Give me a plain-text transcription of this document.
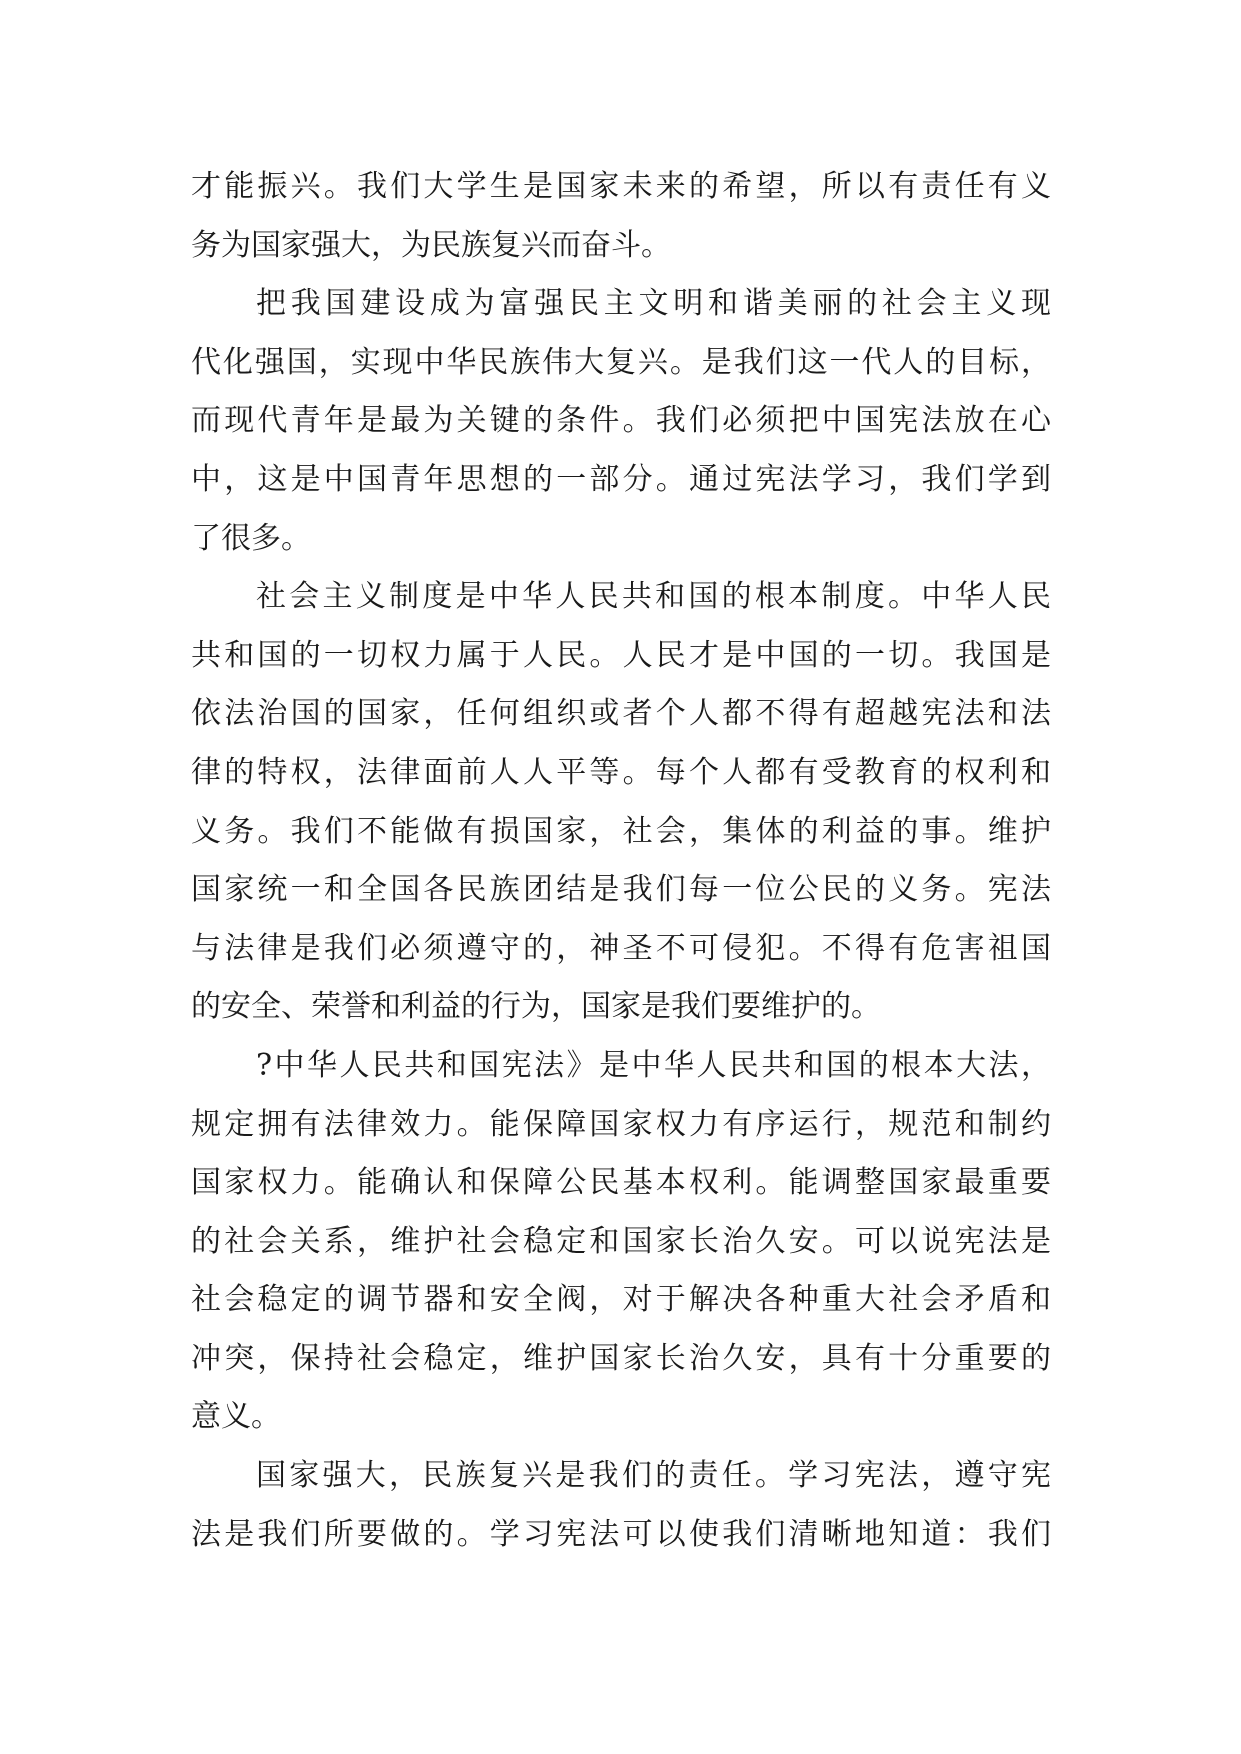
才能振兴。我们大学生是国家未来的希望，所以有责任有义
务为国家强大，为民族复兴而奋斗。
把我国建设成为富强民主文明和谐美丽的社会主义现
代化强国，实现中华民族伟大复兴。是我们这一代人的目标，
而现代青年是最为关键的条件。我们必须把中国宪法放在心
中，这是中国青年思想的一部分。通过宪法学习，我们学到
了很多。
社会主义制度是中华人民共和国的根本制度。中华人民
共和国的一切权力属于人民。人民才是中国的一切。我国是
依法治国的国家，任何组织或者个人都不得有超越宪法和法
律的特权，法律面前人人平等。每个人都有受教育的权利和
义务。我们不能做有损国家，社会，集体的利益的事。维护
国家统一和全国各民族团结是我们每一位公民的义务。宪法
与法律是我们必须遵守的，神圣不可侵犯。不得有危害祖国
的安全、荣誉和利益的行为，国家是我们要维护的。
?中华人民共和国宪法》是中华人民共和国的根本大法，
规定拥有法律效力。能保障国家权力有序运行，规范和制约
国家权力。能确认和保障公民基本权利。能调整国家最重要
的社会关系，维护社会稳定和国家长治久安。可以说宪法是
社会稳定的调节器和安全阀，对于解决各种重大社会矛盾和
冲突，保持社会稳定，维护国家长治久安，具有十分重要的
意义。
国家强大，民族复兴是我们的责任。学习宪法，遵守宪
法是我们所要做的。学习宪法可以使我们清晰地知道：我们
